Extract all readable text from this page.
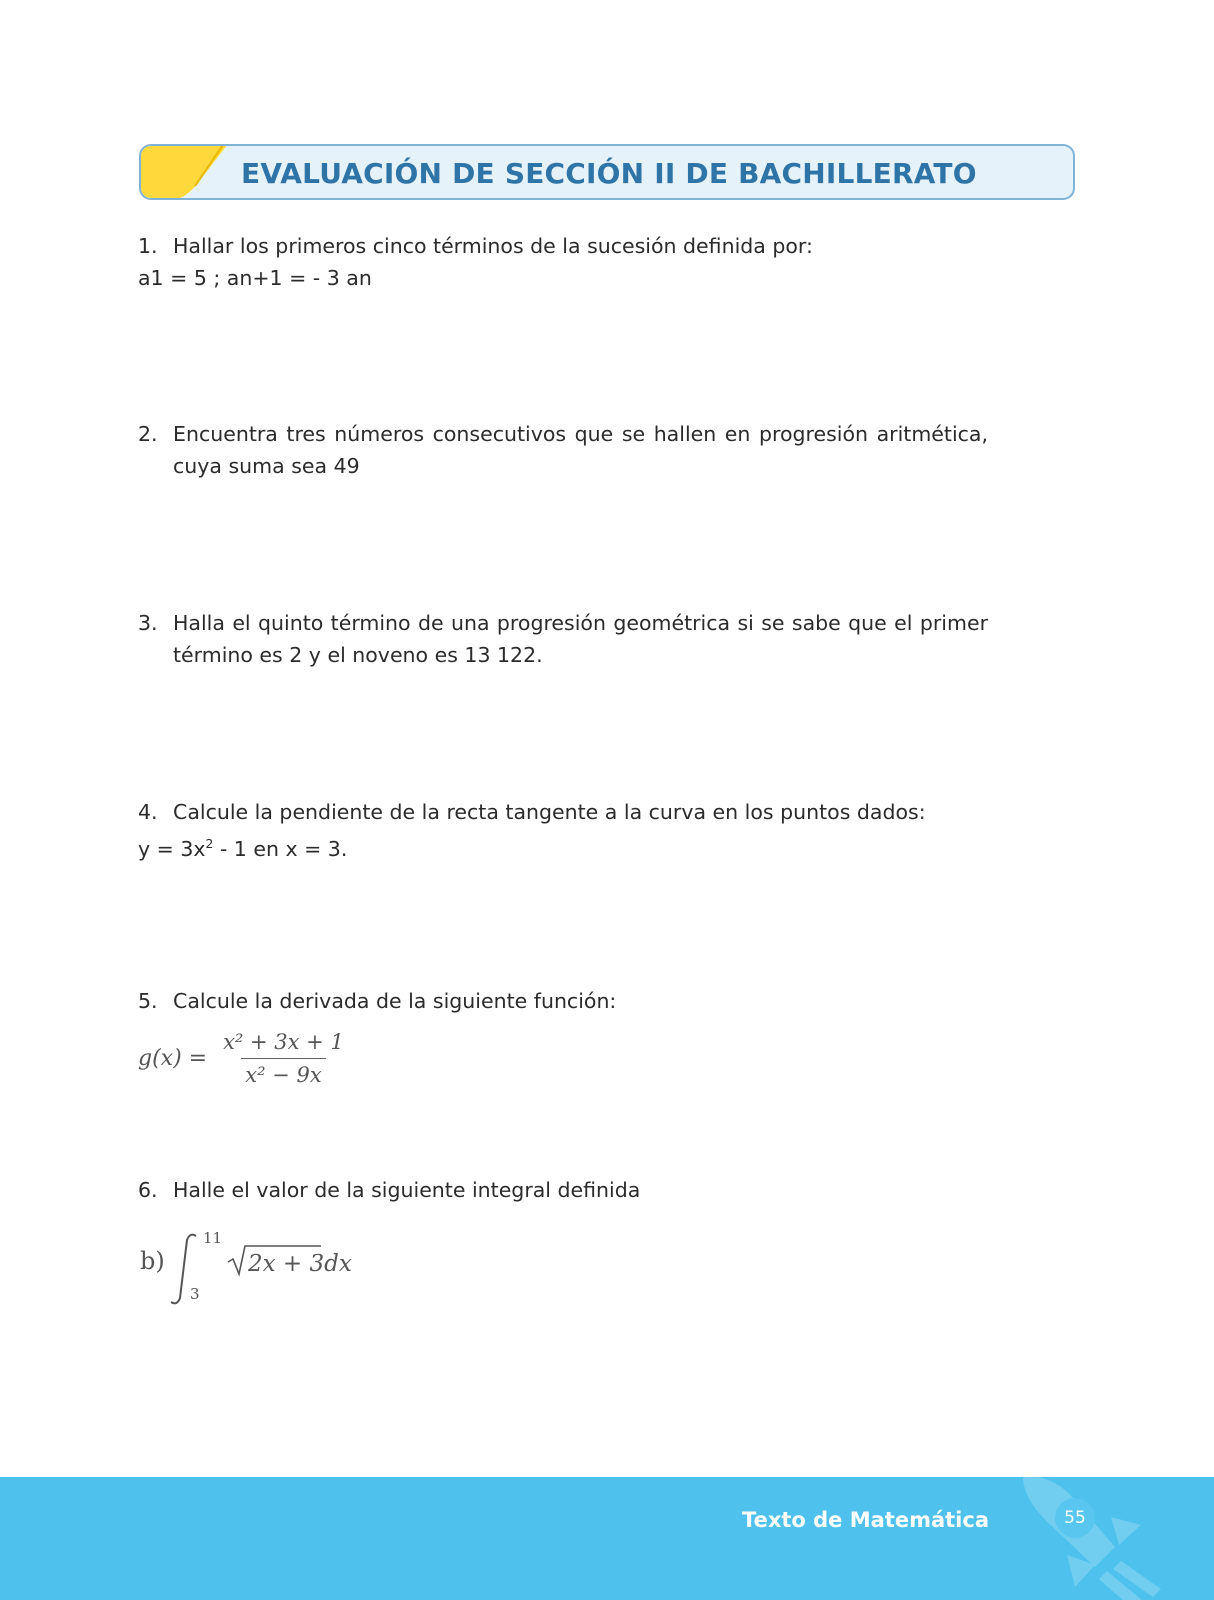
EVALUACIÓN DE SECCIÓN II DE BACHILLERATO
1. Hallar los primeros cinco términos de la sucesión definida por:
a1 = 5 ; an+1 = - 3 an
2. Encuentra tres números consecutivos que se hallen en progresión aritmética, cuya suma sea 49
3. Halla el quinto término de una progresión geométrica si se sabe que el primer término es 2 y el noveno es 13 122.
4. Calcule la pendiente de la recta tangente a la curva en los puntos dados:
$y = 3x^2 - 1$ en x = 3.
5. Calcule la derivada de la siguiente función:
$g(x) = \frac{\text{x² + 3x + 1}}{\text{x² − 9x}}$
6. Halle el valor de la siguiente integral definida
b)
11
3
2x + 3dx
Texto de Matemática	55
